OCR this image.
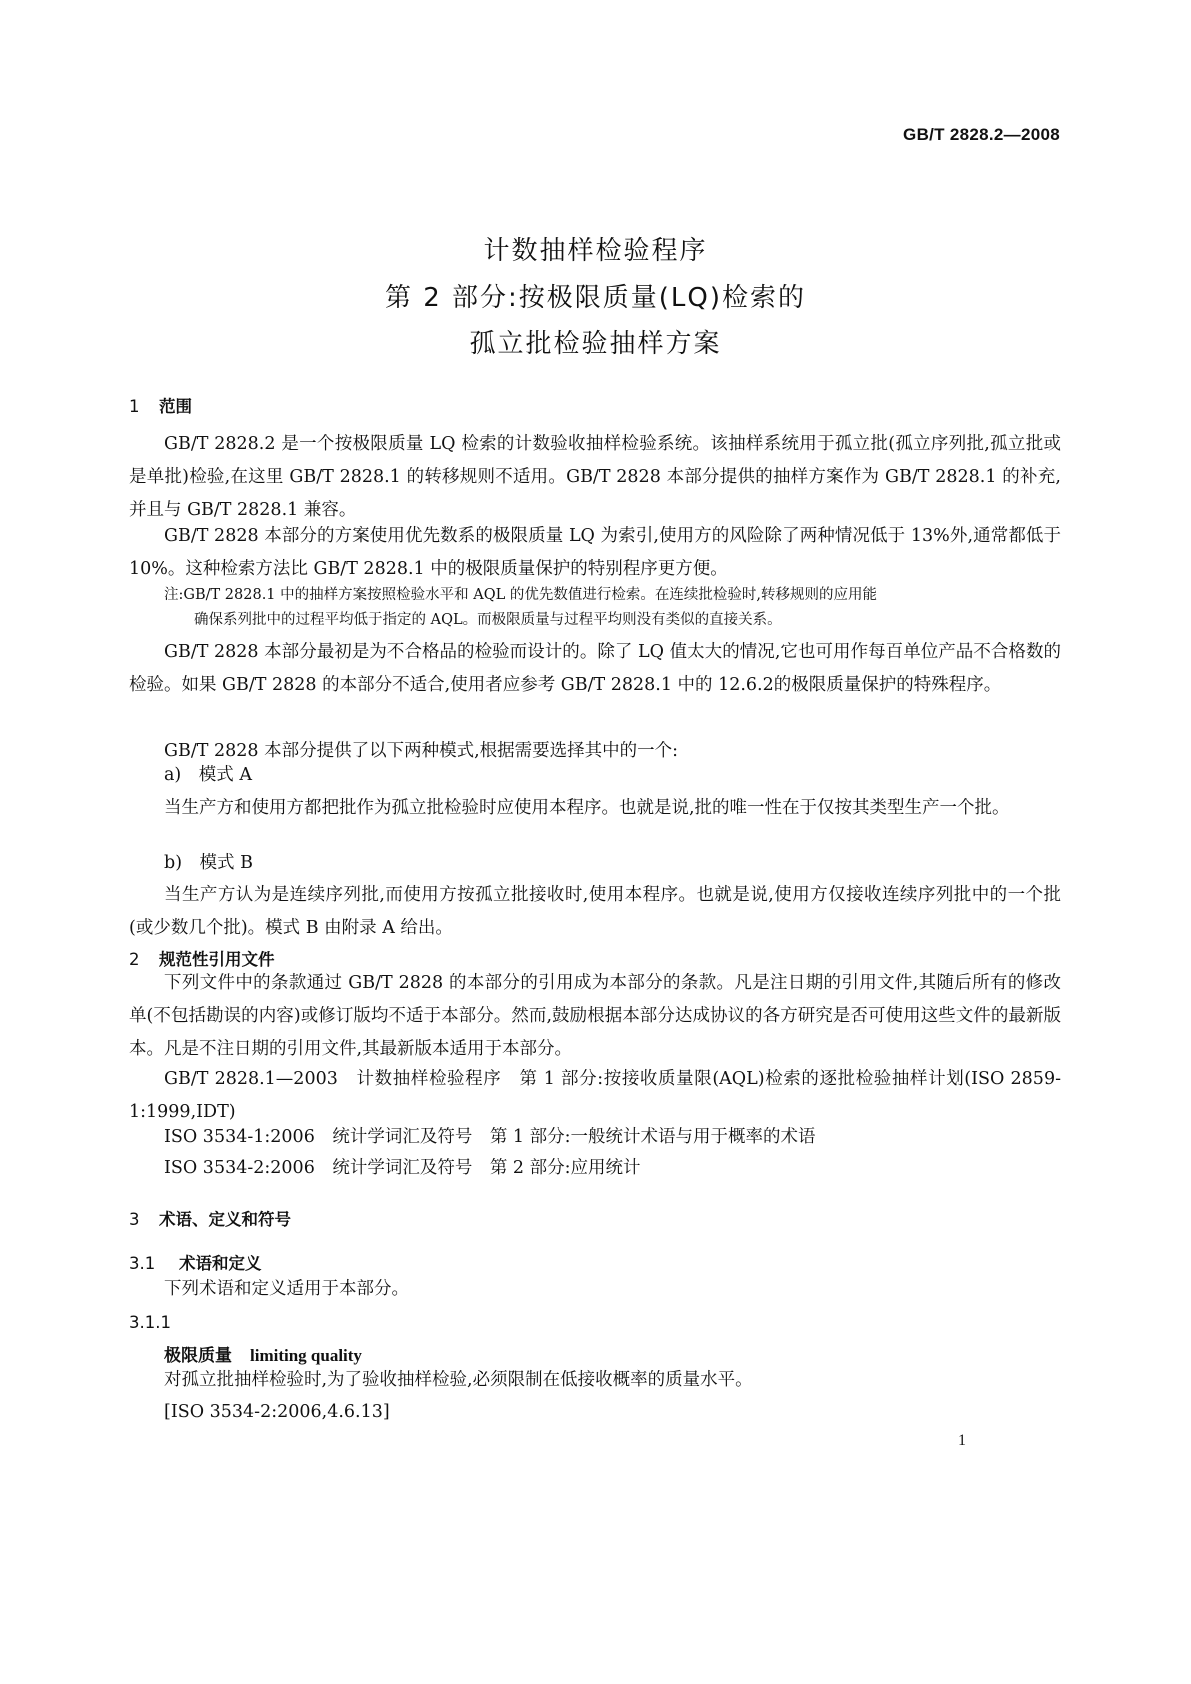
GB/T 2828.2—2008
计数抽样检验程序
第 2 部分:按极限质量(LQ)检索的
孤立批检验抽样方案
1 范围
GB/T 2828.2 是一个按极限质量 LQ 检索的计数验收抽样检验系统。该抽样系统用于孤立批(孤立序列批,孤立批或是单批)检验,在这里 GB/T 2828.1 的转移规则不适用。GB/T 2828 本部分提供的抽样方案作为 GB/T 2828.1 的补充,并且与 GB/T 2828.1 兼容。
GB/T 2828 本部分的方案使用优先数系的极限质量 LQ 为索引,使用方的风险除了两种情况低于 13%外,通常都低于 10%。这种检索方法比 GB/T 2828.1 中的极限质量保护的特别程序更方便。
注:GB/T 2828.1 中的抽样方案按照检验水平和 AQL 的优先数值进行检索。在连续批检验时,转移规则的应用能
确保系列批中的过程平均低于指定的 AQL。而极限质量与过程平均则没有类似的直接关系。
GB/T 2828 本部分最初是为不合格品的检验而设计的。除了 LQ 值太大的情况,它也可用作每百单位产品不合格数的检验。如果 GB/T 2828 的本部分不适合,使用者应参考 GB/T 2828.1 中的 12.6.2的极限质量保护的特殊程序。
GB/T 2828 本部分提供了以下两种模式,根据需要选择其中的一个:
a)　模式 A
当生产方和使用方都把批作为孤立批检验时应使用本程序。也就是说,批的唯一性在于仅按其类型生产一个批。
b)　模式 B
当生产方认为是连续序列批,而使用方按孤立批接收时,使用本程序。也就是说,使用方仅接收连续序列批中的一个批(或少数几个批)。模式 B 由附录 A 给出。
2 规范性引用文件
下列文件中的条款通过 GB/T 2828 的本部分的引用成为本部分的条款。凡是注日期的引用文件,其随后所有的修改单(不包括勘误的内容)或修订版均不适于本部分。然而,鼓励根据本部分达成协议的各方研究是否可使用这些文件的最新版本。凡是不注日期的引用文件,其最新版本适用于本部分。
GB/T 2828.1—2003　计数抽样检验程序　第 1 部分:按接收质量限(AQL)检索的逐批检验抽样计划(ISO 2859-1:1999,IDT)
ISO 3534-1:2006　统计学词汇及符号　第 1 部分:一般统计术语与用于概率的术语
ISO 3534-2:2006　统计学词汇及符号　第 2 部分:应用统计
3 术语、定义和符号
3.1 术语和定义
下列术语和定义适用于本部分。
3.1.1
极限质量 limiting quality
对孤立批抽样检验时,为了验收抽样检验,必须限制在低接收概率的质量水平。
[ISO 3534-2:2006,4.6.13]
1
